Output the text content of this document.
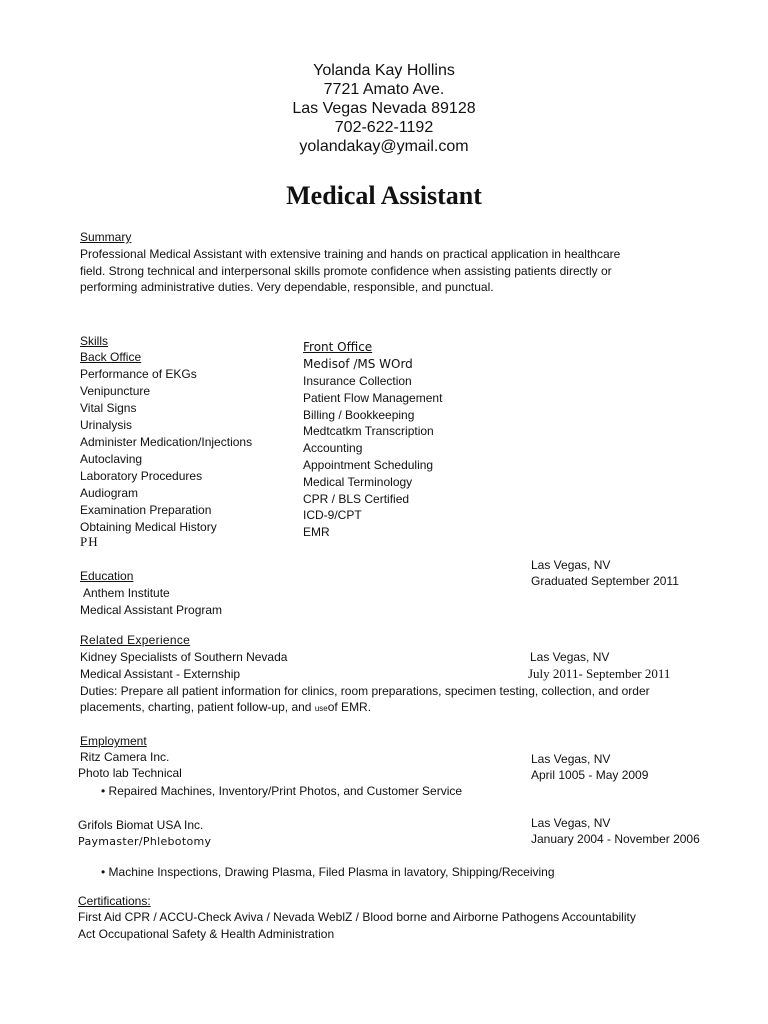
Yolanda Kay Hollins
7721 Amato Ave.
Las Vegas Nevada 89128
702-622-1192
yolandakay@ymail.com
Medical Assistant
Summary
Professional Medical Assistant with extensive training and hands on practical application in healthcare field. Strong technical and interpersonal skills promote confidence when assisting patients directly or performing administrative duties. Very dependable, responsible, and punctual.
Skills
Back Office
Performance of EKGs
Venipuncture
Vital Signs
Urinalysis
Administer Medication/Injections
Autoclaving
Laboratory Procedures
Audiogram
Examination Preparation
Obtaining Medical History
PH
Front Office
Medisof /MS WOrd
Insurance Collection
Patient Flow Management
Billing / Bookkeeping
Medtcatkm Transcription
Accounting
Appointment Scheduling
Medical Terminology
CPR / BLS Certified
ICD-9/CPT
EMR
Las Vegas, NV
Graduated September 2011
Education
Anthem Institute
Medical Assistant Program
Related Experience
Kidney Specialists of Southern Nevada	Las Vegas, NV
Medical Assistant - Externship	July 2011- September 2011
Duties: Prepare all patient information for clinics, room preparations, specimen testing, collection, and order
placements, charting, patient follow-up, and useof EMR.
Employment
Ritz Camera Inc.	Las Vegas, NV
Photo lab Technical	April 1005 - May 2009
• Repaired Machines, Inventory/Print Photos, and Customer Service
Grifols Biomat USA Inc.	Las Vegas, NV
Paymaster/Phlebotomy	January 2004 - November 2006
• Machine Inspections, Drawing Plasma, Filed Plasma in lavatory, Shipping/Receiving
Certifications:
First Aid CPR / ACCU-Check Aviva / Nevada WeblZ / Blood borne and Airborne Pathogens Accountability
Act Occupational Safety & Health Administration
